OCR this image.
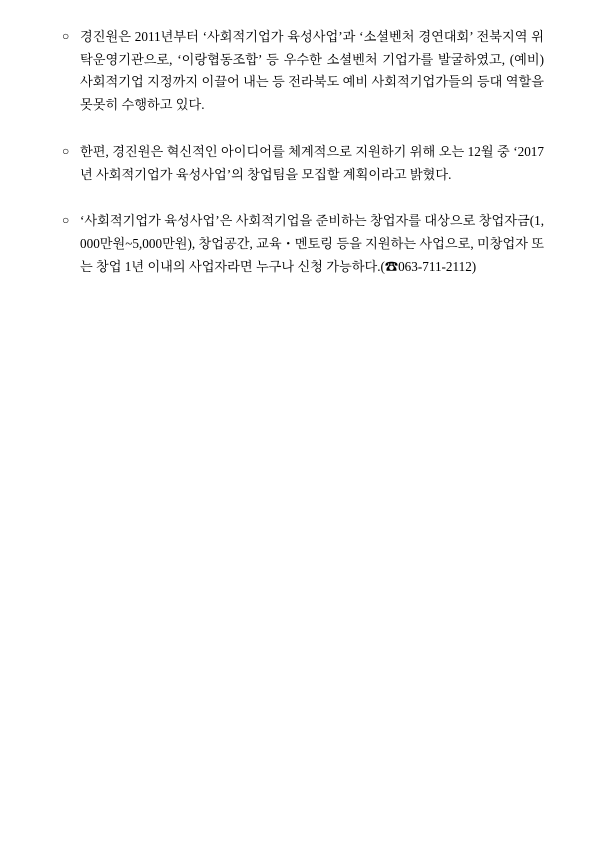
○ 경진원은 2011년부터 ‘사회적기업가 육성사업’과 ‘소셜벤처 경연대회’ 전북지역 위탁운영기관으로, ‘이랑협동조합’ 등 우수한 소셜벤처 기업가를 발굴하였고, (예비)사회적기업 지정까지 이끌어 내는 등 전라북도 예비 사회적기업가들의 등대 역할을 못못히 수행하고 있다.

○ 한편, 경진원은 혁신적인 아이디어를 체계적으로 지원하기 위해 오는 12월 중 ‘2017년 사회적기업가 육성사업’의 창업팀을 모집할 계획이라고 밝혔다.

○ ‘사회적기업가 육성사업’은 사회적기업을 준비하는 창업자를 대상으로 창업자금(1,000만원~5,000만원), 창업공간, 교육・멘토링 등을 지원하는 사업으로, 미창업자 또는 창업 1년 이내의 사업자라면 누구나 신청 가능하다.(☎063-711-2112)
